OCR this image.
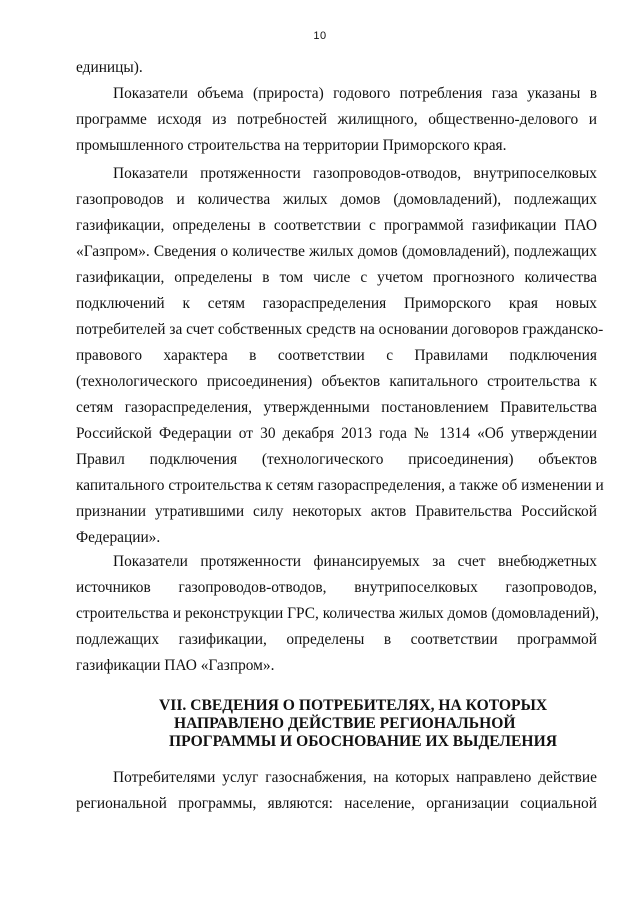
10
единицы).
Показатели объема (прироста) годового потребления газа указаны в
программе исходя из потребностей жилищного, общественно-делового и
промышленного строительства на территории Приморского края.
Показатели протяженности газопроводов-отводов, внутрипоселковых
газопроводов и количества жилых домов (домовладений), подлежащих
газификации, определены в соответствии с программой газификации ПАО
«Газпром». Сведения о количестве жилых домов (домовладений), подлежащих
газификации, определены в том числе с учетом прогнозного количества
подключений к сетям газораспределения Приморского края новых
потребителей за счет собственных средств на основании договоров гражданско-
правового характера в соответствии с Правилами подключения
(технологического присоединения) объектов капитального строительства к
сетям газораспределения, утвержденными постановлением Правительства
Российской Федерации от 30 декабря 2013 года № 1314 «Об утверждении
Правил подключения (технологического присоединения) объектов
капитального строительства к сетям газораспределения, а также об изменении и
признании утратившими силу некоторых актов Правительства Российской
Федерации».
Показатели протяженности финансируемых за счет внебюджетных
источников газопроводов-отводов, внутрипоселковых газопроводов,
строительства и реконструкции ГРС, количества жилых домов (домовладений),
подлежащих газификации, определены в соответствии программой
газификации ПАО «Газпром».
VII. СВЕДЕНИЯ О ПОТРЕБИТЕЛЯХ, НА КОТОРЫХ
НАПРАВЛЕНО ДЕЙСТВИЕ РЕГИОНАЛЬНОЙ
ПРОГРАММЫ И ОБОСНОВАНИЕ ИХ ВЫДЕЛЕНИЯ
Потребителями услуг газоснабжения, на которых направлено действие
региональной программы, являются: население, организации социальной
